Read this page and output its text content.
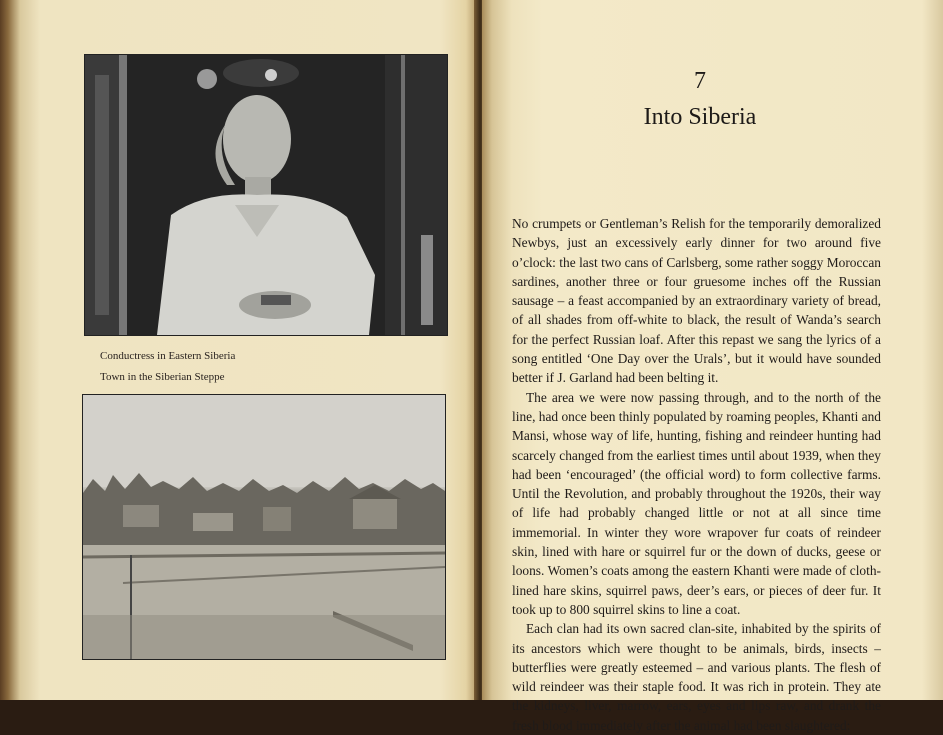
Conductress in Eastern Siberia
Town in the Siberian Steppe
7
Into Siberia

No crumpets or Gentleman’s Relish for the temporarily demoralized Newbys, just an excessively early dinner for two around five o’clock: the last two cans of Carlsberg, some rather soggy Moroccan sardines, another three or four gruesome inches off the Russian sausage – a feast accompanied by an extraordinary variety of bread, of all shades from off-white to black, the result of Wanda’s search for the perfect Russian loaf. After this repast we sang the lyrics of a song entitled ‘One Day over the Urals’, but it would have sounded better if J. Garland had been belting it.

The area we were now passing through, and to the north of the line, had once been thinly populated by roaming peoples, Khanti and Mansi, whose way of life, hunting, fishing and reindeer hunting had scarcely changed from the earliest times until about 1939, when they had been ‘encouraged’ (the official word) to form collective farms. Until the Revolution, and probably throughout the 1920s, their way of life had probably changed little or not at all since time immemorial. In winter they wore wrapover fur coats of reindeer skin, lined with hare or squirrel fur or the down of ducks, geese or loons. Women’s coats among the eastern Khanti were made of cloth-lined hare skins, squirrel paws, deer’s ears, or pieces of deer fur. It took up to 800 squirrel skins to line a coat.

Each clan had its own sacred clan-site, inhabited by the spirits of its ancestors which were thought to be animals, birds, insects – butterflies were greatly esteemed – and various plants. The flesh of wild reindeer was their staple food. It was rich in protein. They ate the kidneys, liver, marrow, ears, eyes and lips raw, and drank the fresh blood immediately after the animal had been slaughtered:
